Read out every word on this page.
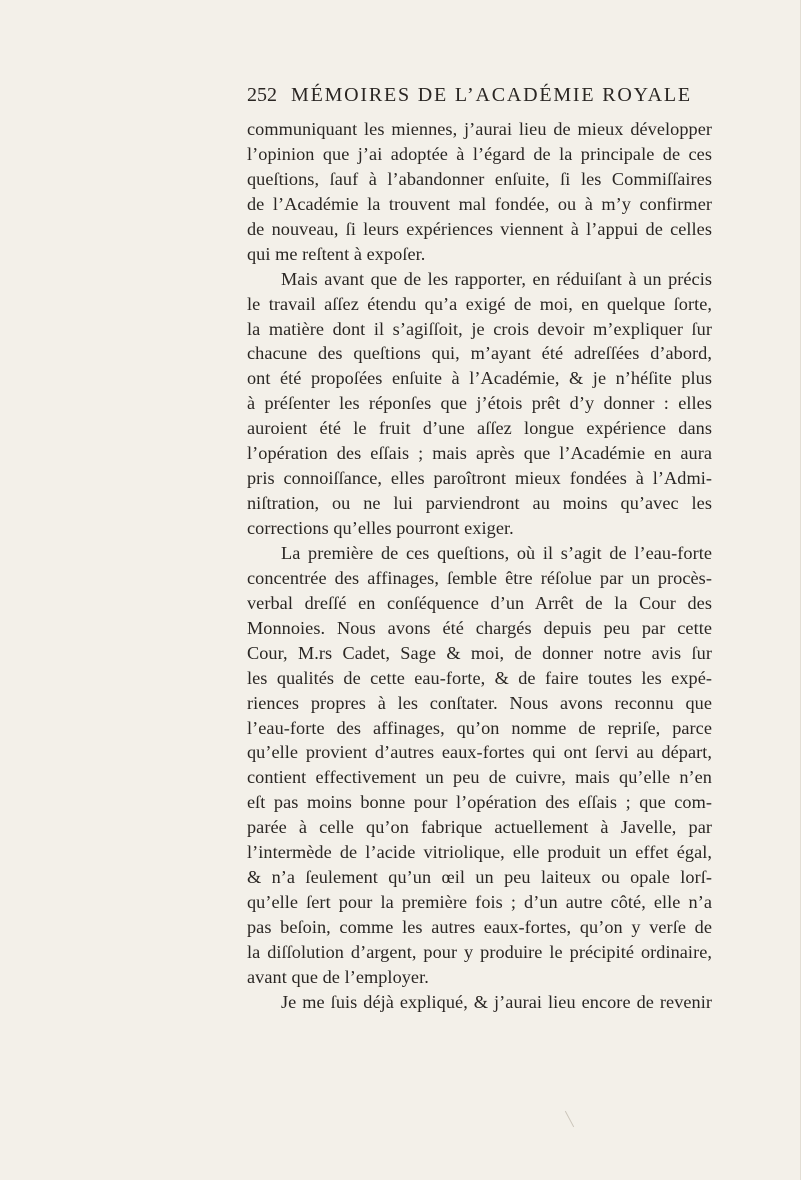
252 MÉMOIRES DE L’ACADÉMIE ROYALE
communiquant les miennes, j’aurai lieu de mieux développer
l’opinion que j’ai adoptée à l’égard de la principale de ces
queſtions, ſauf à l’abandonner enſuite, ſi les Commiſſaires
de l’Académie la trouvent mal fondée, ou à m’y confirmer
de nouveau, ſi leurs expériences viennent à l’appui de celles
qui me reſtent à expoſer.
Mais avant que de les rapporter, en réduiſant à un précis
le travail aſſez étendu qu’a exigé de moi, en quelque ſorte,
la matière dont il s’agiſſoit, je crois devoir m’expliquer ſur
chacune des queſtions qui, m’ayant été adreſſées d’abord,
ont été propoſées enſuite à l’Académie, & je n’héſite plus
à préſenter les réponſes que j’étois prêt d’y donner : elles
auroient été le fruit d’une aſſez longue expérience dans
l’opération des eſſais ; mais après que l’Académie en aura
pris connoiſſance, elles paroîtront mieux fondées à l’Admi-
niſtration, ou ne lui parviendront au moins qu’avec les
corrections qu’elles pourront exiger.
La première de ces queſtions, où il s’agit de l’eau-forte
concentrée des affinages, ſemble être réſolue par un procès-
verbal dreſſé en conſéquence d’un Arrêt de la Cour des
Monnoies. Nous avons été chargés depuis peu par cette
Cour, M.rs Cadet, Sage & moi, de donner notre avis ſur
les qualités de cette eau-forte, & de faire toutes les expé-
riences propres à les conſtater. Nous avons reconnu que
l’eau-forte des affinages, qu’on nomme de repriſe, parce
qu’elle provient d’autres eaux-fortes qui ont ſervi au départ,
contient effectivement un peu de cuivre, mais qu’elle n’en
eſt pas moins bonne pour l’opération des eſſais ; que com-
parée à celle qu’on fabrique actuellement à Javelle, par
l’intermède de l’acide vitriolique, elle produit un effet égal,
& n’a ſeulement qu’un œil un peu laiteux ou opale lorſ-
qu’elle ſert pour la première fois ; d’un autre côté, elle n’a
pas beſoin, comme les autres eaux-fortes, qu’on y verſe de
la diſſolution d’argent, pour y produire le précipité ordinaire,
avant que de l’employer.
Je me ſuis déjà expliqué, & j’aurai lieu encore de revenir
